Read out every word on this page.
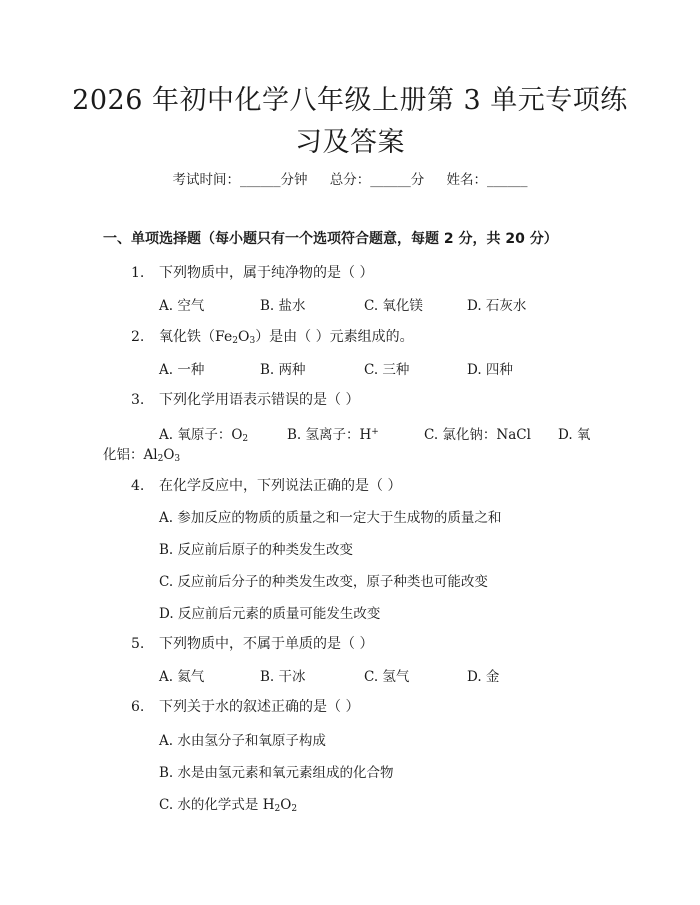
2026 年初中化学八年级上册第 3 单元专项练
习及答案
考试时间：______分钟 总分：______分 姓名：______
一、单项选择题（每小题只有一个选项符合题意，每题 2 分，共 20 分）
1. 下列物质中，属于纯净物的是（ ）
A. 空气	B. 盐水	C. 氧化镁	D. 石灰水
2. 氧化铁$(Fe_2O_3)$是由（ ）元素组成的。
A. 一种	B. 两种	C. 三种	D. 四种
3. 下列化学用语表示错误的是（ ）
A. 氧原子：$O_2$	B. 氢离子：H+	C. 氯化钠：NaCl D. 氧
化铝：$Al_2O_3$
4. 在化学反应中，下列说法正确的是（ ）
A. 参加反应的物质的质量之和一定大于生成物的质量之和
B. 反应前后原子的种类发生改变
C. 反应前后分子的种类发生改变，原子种类也可能改变
D. 反应前后元素的质量可能发生改变
5. 下列物质中，不属于单质的是（ ）
A. 氦气	B. 干冰	C. 氢气	D. 金
6. 下列关于水的叙述正确的是（ ）
A. 水由氢分子和氧原子构成
B. 水是由氢元素和氧元素组成的化合物
C. 水的化学式是 $H_2O_2$
